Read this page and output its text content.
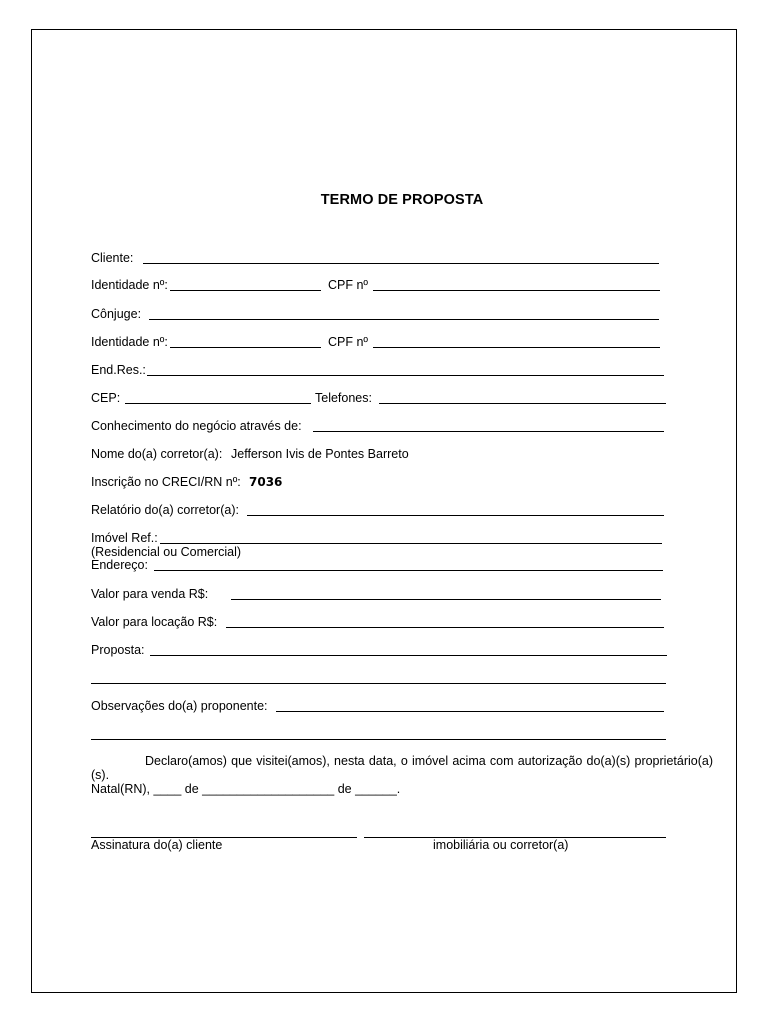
TERMO DE PROPOSTA
Cliente:
Identidade nº:	CPF nº
Cônjuge:
Identidade nº:	CPF nº
End.Res.:
CEP:	Telefones:
Conhecimento do negócio através de:
Nome do(a) corretor(a): Jefferson Ivis de Pontes Barreto
Inscrição no CRECI/RN nº: 7036
Relatório do(a) corretor(a):
Imóvel Ref.:
(Residencial ou Comercial)
Endereço:
Valor para venda R$:
Valor para locação R$:
Proposta:
Observações do(a) proponente:
Declaro(amos) que visitei(amos), nesta data, o imóvel acima com autorização do(a)(s) proprietário(a)(s).
Natal(RN), ____ de ___________________ de ______.
Assinatura do(a) cliente	imobiliária ou corretor(a)
